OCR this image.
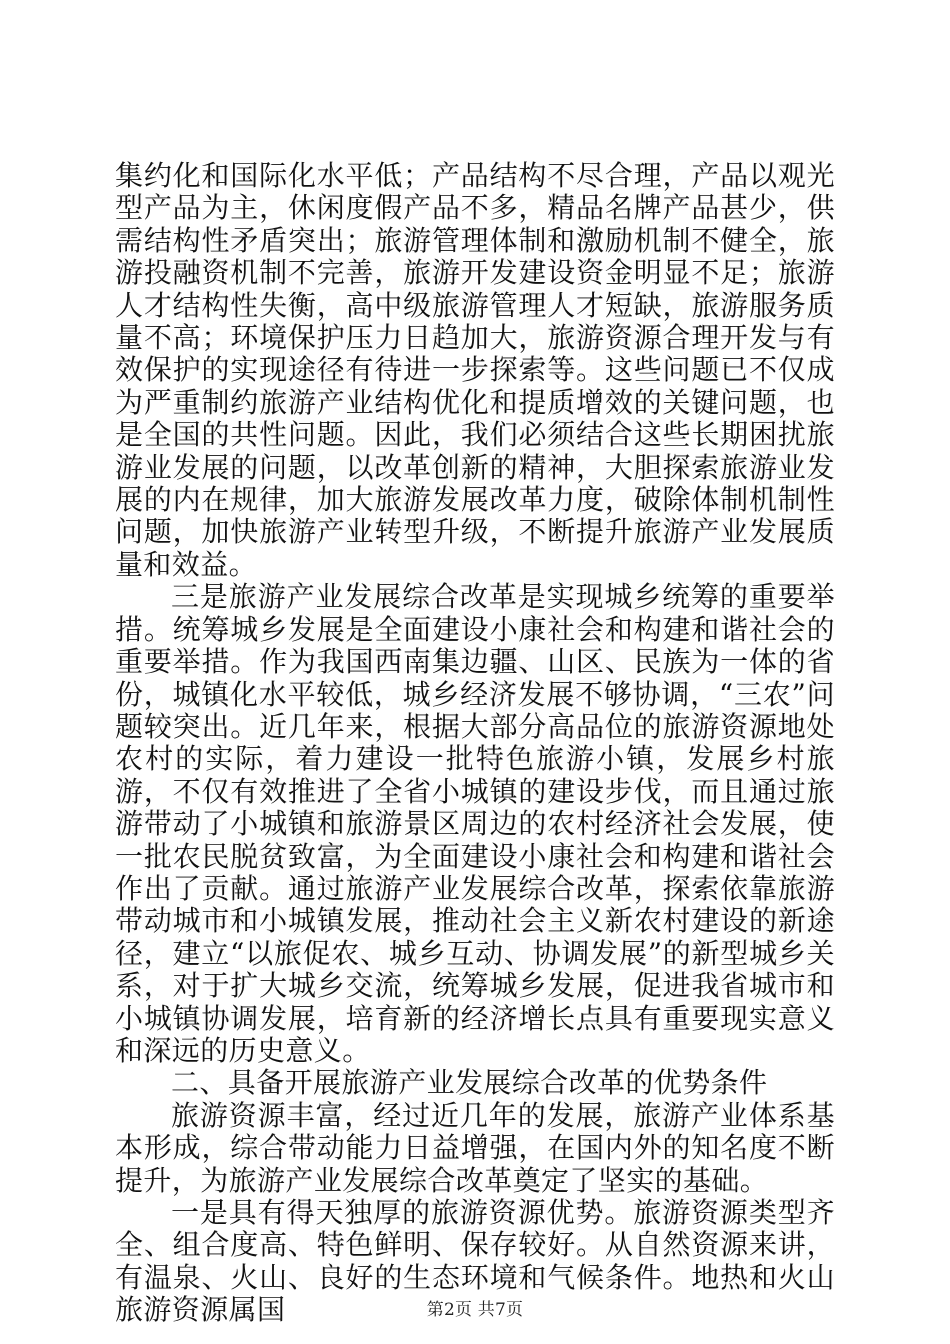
集约化和国际化水平低；产品结构不尽合理，产品以观光型产品为主，休闲度假产品不多，精品名牌产品甚少，供需结构性矛盾突出；旅游管理体制和激励机制不健全，旅游投融资机制不完善，旅游开发建设资金明显不足；旅游人才结构性失衡，高中级旅游管理人才短缺，旅游服务质量不高；环境保护压力日趋加大，旅游资源合理开发与有效保护的实现途径有待进一步探索等。这些问题已不仅成为严重制约旅游产业结构优化和提质增效的关键问题，也是全国的共性问题。因此，我们必须结合这些长期困扰旅游业发展的问题，以改革创新的精神，大胆探索旅游业发展的内在规律，加大旅游发展改革力度，破除体制机制性问题，加快旅游产业转型升级，不断提升旅游产业发展质量和效益。

三是旅游产业发展综合改革是实现城乡统筹的重要举措。统筹城乡发展是全面建设小康社会和构建和谐社会的重要举措。作为我国西南集边疆、山区、民族为一体的省份，城镇化水平较低，城乡经济发展不够协调，“三农”问题较突出。近几年来，根据大部分高品位的旅游资源地处农村的实际，着力建设一批特色旅游小镇，发展乡村旅游，不仅有效推进了全省小城镇的建设步伐，而且通过旅游带动了小城镇和旅游景区周边的农村经济社会发展，使一批农民脱贫致富，为全面建设小康社会和构建和谐社会作出了贡献。通过旅游产业发展综合改革，探索依靠旅游带动城市和小城镇发展，推动社会主义新农村建设的新途径，建立“以旅促农、城乡互动、协调发展”的新型城乡关系，对于扩大城乡交流，统筹城乡发展，促进我省城市和小城镇协调发展，培育新的经济增长点具有重要现实意义和深远的历史意义。

二、具备开展旅游产业发展综合改革的优势条件

旅游资源丰富，经过近几年的发展，旅游产业体系基本形成，综合带动能力日益增强，在国内外的知名度不断提升，为旅游产业发展综合改革奠定了坚实的基础。

一是具有得天独厚的旅游资源优势。旅游资源类型齐全、组合度高、特色鲜明、保存较好。从自然资源来讲，有温泉、火山、良好的生态环境和气候条件。地热和火山旅游资源属国	第2页 共7页
